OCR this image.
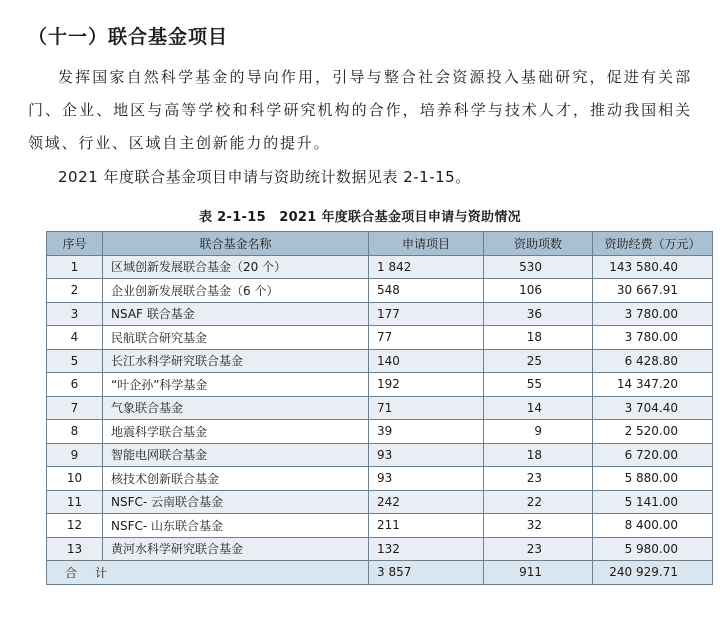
（十一）联合基金项目

发挥国家自然科学基金的导向作用，引导与整合社会资源投入基础研究，促进有关部门、企业、地区与高等学校和科学研究机构的合作，培养科学与技术人才，推动我国相关领域、行业、区域自主创新能力的提升。

2021 年度联合基金项目申请与资助统计数据见表 2-1-15。

表 2-1-15　2021 年度联合基金项目申请与资助情况
序号	联合基金名称	申请项目	资助项数	资助经费（万元）
1	区域创新发展联合基金（20 个）	1 842	530	143 580.40
2	企业创新发展联合基金（6 个）	548	106	30 667.91
3	NSAF 联合基金	177	36	3 780.00
4	民航联合研究基金	77	18	3 780.00
5	长江水科学研究联合基金	140	25	6 428.80
6	“叶企孙”科学基金	192	55	14 347.20
7	气象联合基金	71	14	3 704.40
8	地震科学联合基金	39	9	2 520.00
9	智能电网联合基金	93	18	6 720.00
10	核技术创新联合基金	93	23	5 880.00
11	NSFC- 云南联合基金	242	22	5 141.00
12	NSFC- 山东联合基金	211	32	8 400.00
13	黄河水科学研究联合基金	132	23	5 980.00
合计		3 857	911	240 929.71
